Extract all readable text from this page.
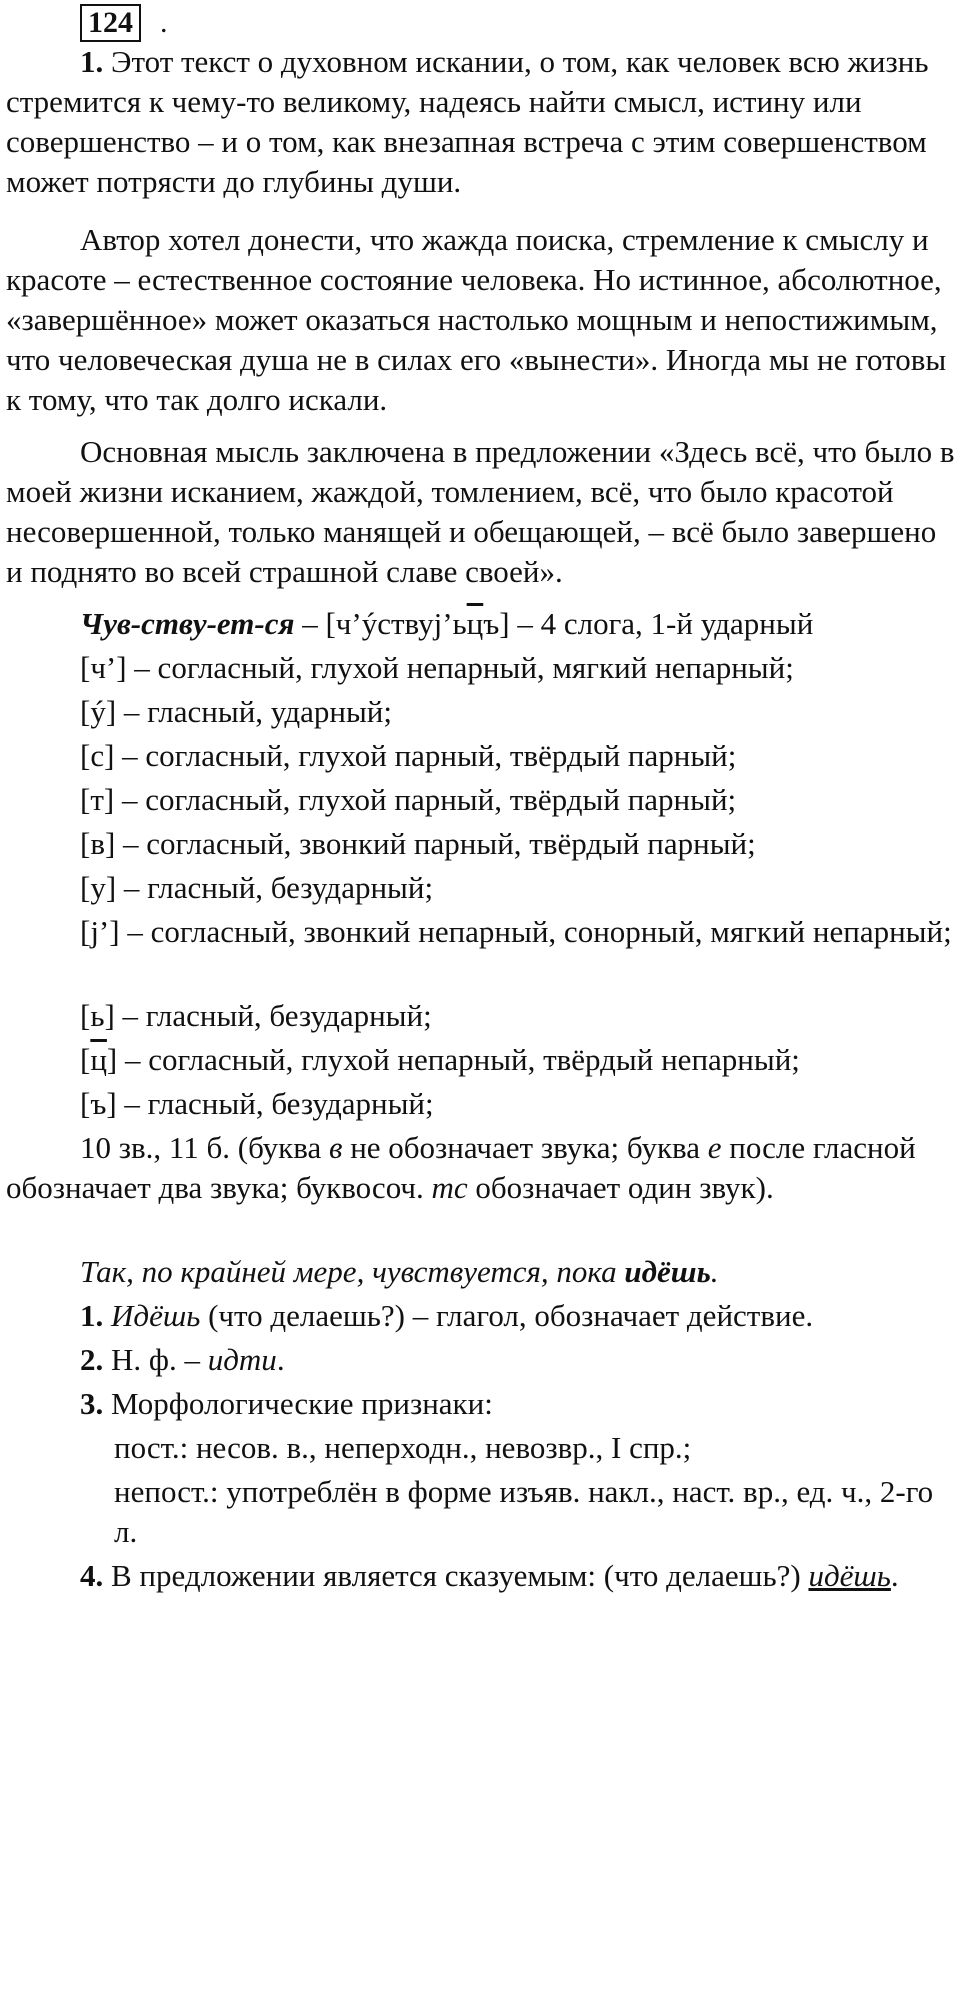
124 .

1. Этот текст о духовном искании, о том, как человек всю жизнь стремится к чему-то великому, надеясь найти смысл, истину или совершенство – и о том, как внезапная встреча с этим совершенством может потрясти до глубины души.

Автор хотел донести, что жажда поиска, стремление к смыслу и красоте – естественное состояние человека. Но истинное, абсолютное, «завершённое» может оказаться настолько мощным и непостижимым, что человеческая душа не в силах его «вынести». Иногда мы не готовы к тому, что так долго искали.

Основная мысль заключена в предложении «Здесь всё, что было в моей жизни исканием, жаждой, томлением, всё, что было красотой несовершенной, только манящей и обещающей, – всё было завершено и поднято во всей страшной славе своей».

Чув-ству-ет-ся – [ч’ýствуj’ьцъ] – 4 слога, 1-й ударный

[ч’] – согласный, глухой непарный, мягкий непарный;

[ý] – гласный, ударный;

[с] – согласный, глухой парный, твёрдый парный;

[т] – согласный, глухой парный, твёрдый парный;

[в] – согласный, звонкий парный, твёрдый парный;

[у] – гласный, безударный;

[j’] – согласный, звонкий непарный, сонорный, мягкий непарный;

[ь] – гласный, безударный;

[ц] – согласный, глухой непарный, твёрдый непарный;

[ъ] – гласный, безударный;

10 зв., 11 б. (буква в не обозначает звука; буква е после гласной обозначает два звука; буквосоч. тс обозначает один звук).

Так, по крайней мере, чувствуется, пока идёшь.

1. Идёшь (что делаешь?) – глагол, обозначает действие.

2. Н. ф. – идти.

3. Морфологические признаки:

пост.: несов. в., неперходн., невозвр., I спр.;

непост.: употреблён в форме изъяв. накл., наст. вр., ед. ч., 2-го л.

4. В предложении является сказуемым: (что делаешь?) идёшь.
